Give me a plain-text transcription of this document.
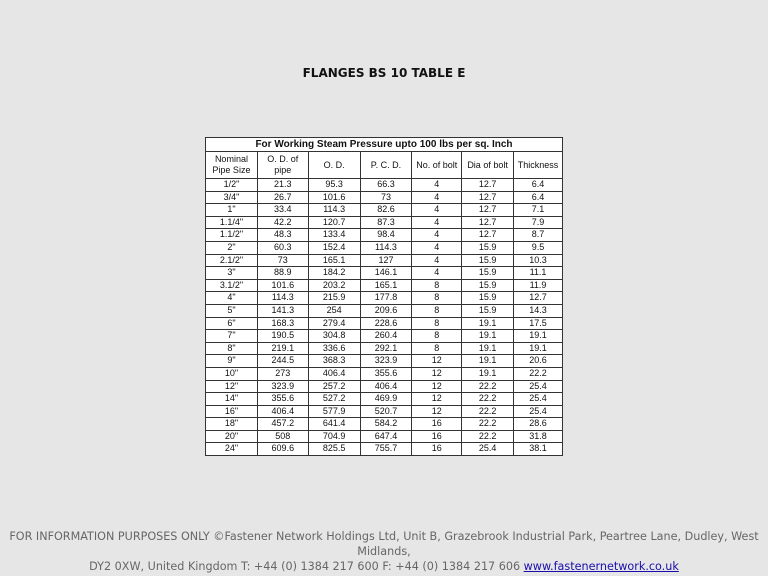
FLANGES BS 10 TABLE E
For Working Steam Pressure upto 100 lbs per sq. Inch						
Nominal Pipe Size	O. D. of pipe	O. D.	P. C. D.	No. of bolt	Dia of bolt	Thickness
1/2"	21.3	95.3	66.3	4	12.7	6.4
3/4"	26.7	101.6	73	4	12.7	6.4
1"	33.4	114.3	82.6	4	12.7	7.1
1.1/4"	42.2	120.7	87.3	4	12.7	7.9
1.1/2"	48.3	133.4	98.4	4	12.7	8.7
2"	60.3	152.4	114.3	4	15.9	9.5
2.1/2"	73	165.1	127	4	15.9	10.3
3"	88.9	184.2	146.1	4	15.9	11.1
3.1/2"	101.6	203.2	165.1	8	15.9	11.9
4"	114.3	215.9	177.8	8	15.9	12.7
5"	141.3	254	209.6	8	15.9	14.3
6"	168.3	279.4	228.6	8	19.1	17.5
7"	190.5	304.8	260.4	8	19.1	19.1
8"	219.1	336.6	292.1	8	19.1	19.1
9"	244.5	368.3	323.9	12	19.1	20.6
10"	273	406.4	355.6	12	19.1	22.2
12"	323.9	257.2	406.4	12	22.2	25.4
14"	355.6	527.2	469.9	12	22.2	25.4
16"	406.4	577.9	520.7	12	22.2	25.4
18"	457.2	641.4	584.2	16	22.2	28.6
20"	508	704.9	647.4	16	22.2	31.8
24"	609.6	825.5	755.7	16	25.4	38.1
FOR INFORMATION PURPOSES ONLY ©Fastener Network Holdings Ltd, Unit B, Grazebrook Industrial Park, Peartree Lane, Dudley, West Midlands,
DY2 0XW, United Kingdom T: +44 (0) 1384 217 600 F: +44 (0) 1384 217 606 www.fastenernetwork.co.uk
